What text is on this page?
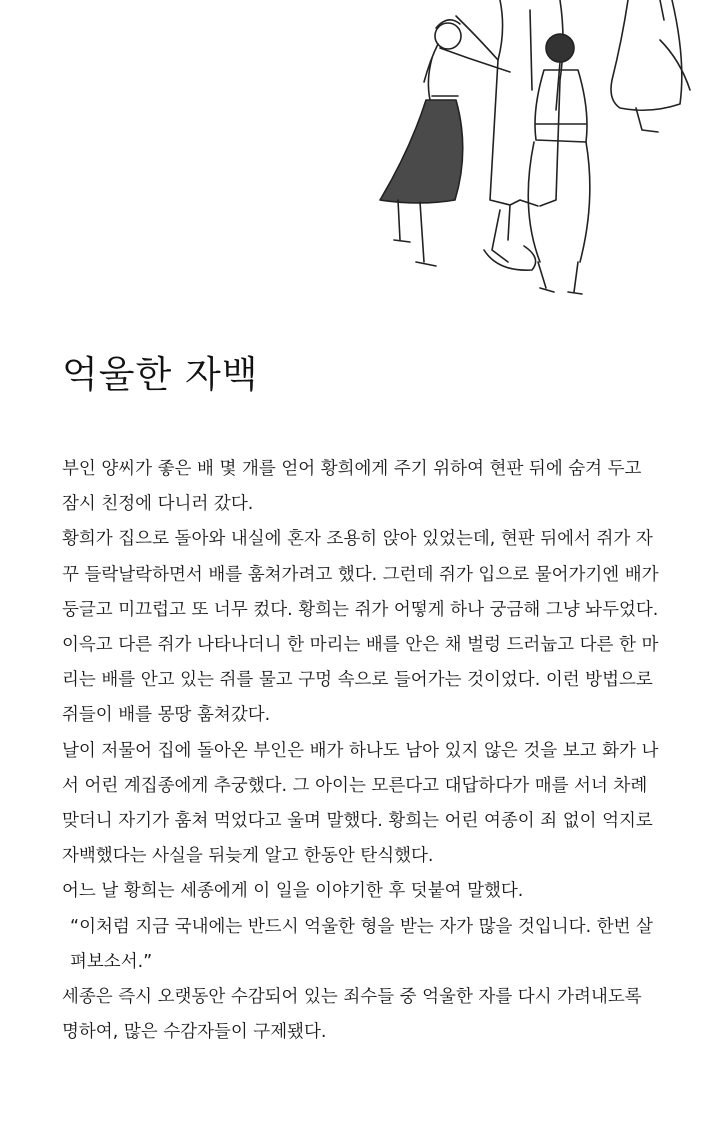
억울한 자백

부인 양씨가 좋은 배 몇 개를 얻어 황희에게 주기 위하여 현판 뒤에 숨겨 두고 잠시 친정에 다니러 갔다.

황희가 집으로 돌아와 내실에 혼자 조용히 앉아 있었는데, 현판 뒤에서 쥐가 자꾸 들락날락하면서 배를 훔쳐가려고 했다. 그런데 쥐가 입으로 물어가기엔 배가 둥글고 미끄럽고 또 너무 컸다. 황희는 쥐가 어떻게 하나 궁금해 그냥 놔두었다. 이윽고 다른 쥐가 나타나더니 한 마리는 배를 안은 채 벌렁 드러눕고 다른 한 마리는 배를 안고 있는 쥐를 물고 구멍 속으로 들어가는 것이었다. 이런 방법으로 쥐들이 배를 몽땅 훔쳐갔다.

날이 저물어 집에 돌아온 부인은 배가 하나도 남아 있지 않은 것을 보고 화가 나서 어린 계집종에게 추궁했다. 그 아이는 모른다고 대답하다가 매를 서너 차례 맞더니 자기가 훔쳐 먹었다고 울며 말했다. 황희는 어린 여종이 죄 없이 억지로 자백했다는 사실을 뒤늦게 알고 한동안 탄식했다.

어느 날 황희는 세종에게 이 일을 이야기한 후 덧붙여 말했다.

“이처럼 지금 국내에는 반드시 억울한 형을 받는 자가 많을 것입니다. 한번 살펴보소서.”

세종은 즉시 오랫동안 수감되어 있는 죄수들 중 억울한 자를 다시 가려내도록 명하여, 많은 수감자들이 구제됐다.
